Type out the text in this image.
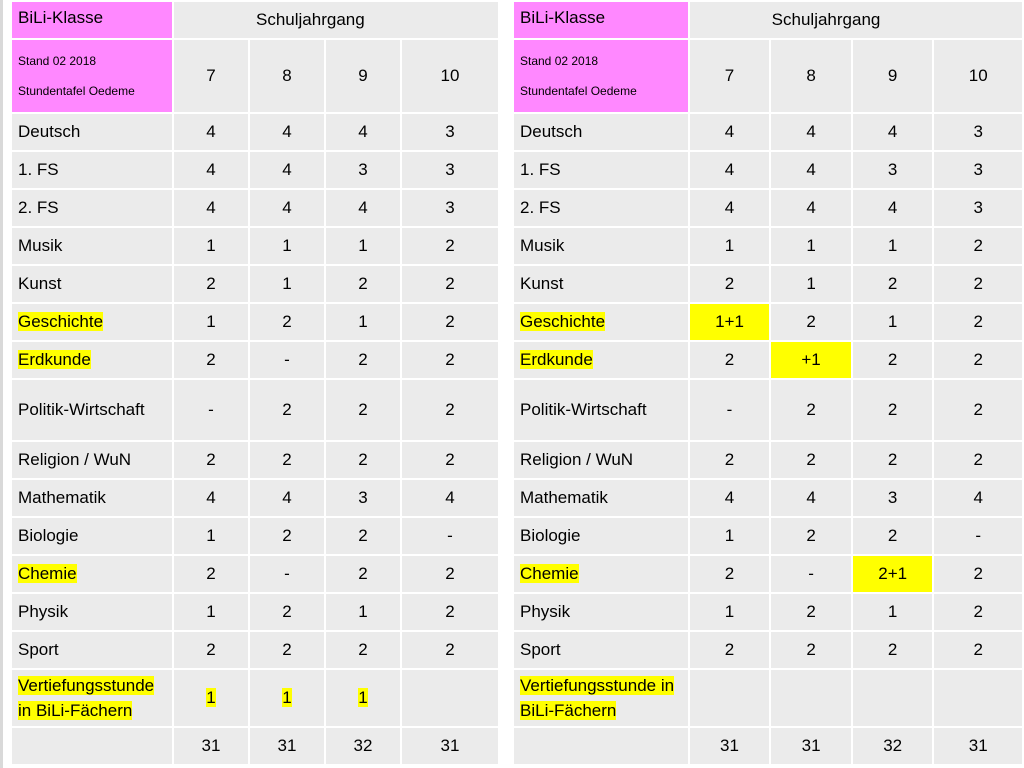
BiLi-Klasse	Schuljahrgang			

Stand 02 2018
Stundentafel Oedeme	7	8	9	10
Deutsch	4	4	4	3
1. FS	4	4	3	3
2. FS	4	4	4	3
Musik	1	1	1	2
Kunst	2	1	2	2
Geschichte	1	2	1	2
Erdkunde	2	-	2	2
Politik-Wirtschaft	-	2	2	2
Religion / WuN	2	2	2	2
Mathematik	4	4	3	4
Biologie	1	2	2	-
Chemie	2	-	2	2
Physik	1	2	1	2
Sport	2	2	2	2
Vertiefungsstunde
in BiLi-Fächern	1	1	1	
	31	31	32	31
BiLi-Klasse	Schuljahrgang			

Stand 02 2018
Stundentafel Oedeme	7	8	9	10
Deutsch	4	4	4	3
1. FS	4	4	3	3
2. FS	4	4	4	3
Musik	1	1	1	2
Kunst	2	1	2	2
Geschichte	1+1	2	1	2
Erdkunde	2	+1	2	2
Politik-Wirtschaft	-	2	2	2
Religion / WuN	2	2	2	2
Mathematik	4	4	3	4
Biologie	1	2	2	-
Chemie	2	-	2+1	2
Physik	1	2	1	2
Sport	2	2	2	2
Vertiefungsstunde in
BiLi-Fächern				
	31	31	32	31
